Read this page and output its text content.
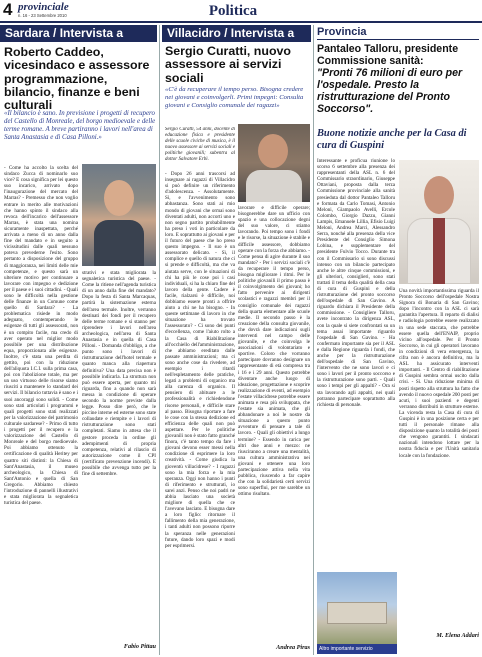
4 provinciale
n. 16 - 23 Settembre 2010	Politica
Sardara / Intervista a
Roberto Caddeo, vicesindaco e assessore programmazione, bilancio, finanze e beni culturali
«Il bilancio è sano. In previsione i progetti di recupero del Castello di Monreale, del borgo medioevale e delle terme romane. A breve partiranno i lavori nell'area di Santa Anastasia e di Casa Pilloni.»
- Come ha accolto la scelta del sindaco Zucca di nominarlo suo vice? E cosa significa per lei questo suo incarico, arrivato dopo l'inaugurazione del mercato del Marras? - Premesso che non voglio entrare in merito alle motivazioni che hanno spinto il sindaco alla revoca dell'incarico dell'assessore Marras, è stata una nomina sicuramente inaspettata, perché arrivata a meno di un anno dalla fine del mandato e in seguito a vicissitudini dalle quali nessuno poteva prevederne l'esito. Sono pertanto a disposizione del gruppo di maggioranza, nei limiti delle mie competenze, e questo sarà un ulteriore motivo per continuare a lavorare con impegno e dedizione per il paese e i suoi cittadini. - Quali sono le difficoltà nella gestione delle finanze in un Comune come quello di Sardara? - La problematica risiede in modo adeguato, contemperando le esigenze di tutti gli assessorati, non è un compito facile, ma credo di aver operato nel miglior modo possibile per una distribuzione equa, proporzionata alle esigenze. Inoltre, c'è stata una perdita di gettito, poi con la riduzione dell'aliquota I.C.I. sulla prima casa, poi con l'abolizione totale, ma per un uso virtuoso delle risorse siamo riusciti a mantenere lo standard dei servizi. Il bilancio tuttavia è sano e i suoi ancoraggi sono solidi. - Come sono stati articolati i programmi e quali progetti sono stati realizzati per la valorizzazione del patrimonio culturale sardarese? - Primo di tutto i progetti per il recupero e la valorizzazione del Castello di Monreale e del borgo medioevale. Poi abbiamo ottenuto la certificazione di qualità Heritey per quattro siti distinti: la Chiesa di Sant'Anastasia, il museo archeologico, la Chiesa di Sant'Antonio e quella di San Gregorio. Abbiamo chiesto l'introduzione di pannelli illustrativi e stata migliorata la segnaletica turistica del paese.
strativi e stata migliorata la segnaletica turistica del paese. - Come la ritiene nell'agenda turistica di un anno dalla fine del mandato? Dopo la festa di Santa Marcaquas, partirà la sistemazione esterna dell'area termale. Inoltre, verranno destinati dei fondi per il recupero delle terme romane e si stanno per riprendere i lavori nell'area archeologica, nell'area di Santa Anastasia e in quella di Casa Pilloni. - Domanda d'obbligo, a che punto sono i lavori di ristrutturazione dell'hotel termale e quanto manca alla riapertura definitiva? Una data precisa non è possibile indicarla. La struttura non può essere aperta, per quanto mi riguarda, fino a quando non sarà messa in condizione di operare secondo la norme previste dalla legge. Posso dire però, che le piccine interne ed esterne sono state collaudate e riempite e i lavori di ristrutturazione sono stati completati. Siamo in attesa che il gestore proceda in ordine gli adempimenti di propria competenza, relativi al rilascio di autorizzazione come il CPI (certificato prevenzione incendi). E possibile che avvenga tutto per la fine di settembre.
Fabio Pittau
Villacidro / Intervista a
Sergio Curatti, nuovo assessore ai servizi sociali
«C'è da recuperare il tempo perso. Bisogna credere nei giovani e coinvolgerli. Primi impegni: Consulta giovani e Consiglio comunale dei ragazzi»
Sergio Curatti, 54 anni, docente di educazione fisica e presidente delle scuole civiche di musica, è il nuovo assessore ai servizi sociali e politiche giovanili; subentra al dottor Salvatore Erbì.
- Dopo 26 anni trascorsi ad insegnare ai ragazzi di Villacidro si può definire un riferimento d'adolescenza. - Assolutamente. Sì, e l'avvenimento sono abbastanza. Sono stati ai mio mondo di giovani che ormai sono diventati adulti, non accorti uno e non segno partito probabilmente ha preso i voti in particolare da loro. E soprattutto ai giovani e per il futuro del paese che ho preso questo impegno. - Il suo è un assessorato delicato. - Sì, il complice e quello di natura che ci si prende e difficoltà, ma che va aiutata serve, con le situazioni di chi ha più le cose poi i casi individuali, si ha la chiaro fine del lavoro della gente. Cadere è facile, rialzarsi è difficile, noi dobbiamo essere pronti a offrire aiuto a chi ne ha bisogno. - In queste settimane di lavoro in che situazione ha trovato l'assessorato? - Ci sono dei punti d'eccellenza, come l'aiuto rolto a la Casa di Riabilitazione all'occhiello dell'amministrazione, che abbiamo ereditato dalle passate amministrazioni; ma ci sono anche cose da rivedere, ad esempio i ritardi nell'espletamento delle pratiche, legati a problemi di organico ma alla carenza di organico. Il pensiero di abituare a le professionalità e richiedendone risorse personali, e difficile stare al passo. Bisogna riportare a fare le cose con la stessa dedizione ed efficienza delle quali non può aspettare. Per le politiche giovanili non è stato fatto granché finora, c'è tanto tempo da fare i giovani devono esser messi nella condizione di esprimere la loro creatività. - Come giudica la gioventù villacidrese? - I ragazzi sono la mia forza e la mia speranza. Oggi non hanno i punti di riferimento e strutturati, io sarei anzi. Penso che noi padri ne abbia lasciato una società migliore di quella che ce l'avevano lasciato. E bisogna dare a loro figlio: ritornare il fallimento della mia generazione, i tanti adulti non possono riporre la speranza nelle generazioni future, dando loro spazi e modi per esprimersi.
lavorare e difficile operare; bisognerebbe dare un ufficio con spazio e una collocazione degni del suo valore, ci stiamo lavorando. Poi tempo sono i fondi e le risorse, la situazione è stabile e difficile assessore, dobbiamo operare con la forza che abbiamo. - Come pensa di agire durante il suo mandato? - Per i servizi sociali c'è da recuperare il tempo perso, bisogna migliorare i ritmi. Per le politiche giovanili il primo passo è il coinvolgimento dei giovani; ho fatto pervenire ai dirigenti scolastici e ragazzi membri per il consiglio comunale dei ragazzi della quarta elementare alle scuole medie. Il secondo passo è la creazione della consulta giovanile, che dovrà dare indicazioni sugli interventi nel campo delle giovanile, e che coinvolga le associazioni di volontariato e sportive. Coloro che vorranno partecipare dovranno designare un rappresentante di età compresa tra i 16 e i 29 anni. Questo potrebbe diventare anche luogo di ideazione, progettazione e scoprire realizzazione di eventi, ad esempio l'estate villacidrese potrebbe essere animata e resa più sviluppata, che l'estate sia animata, che gli abbandonare a noi le nostre da situazione a questo punto avventure di pensare a tale di lavoro. - Quali gli obiettivi a lungo termine? - Essendo in carica per altri due anni e mezzo: ne riusciranno a creare una mentalità, una cultura amministrativa nei giovani e ottenere una loro partecipazione attiva nella vita pubblica, riuscendo a far capire che con la solidarietà certi servizi sono superflui, per me sarebbe un ottimo risultato.
Andrea Piras
Provincia
Pantaleo Talloru, presidente Commissione sanità:
"Pronti 76 milioni di euro per l'ospedale. Presto la ristrutturazione del Pronto Soccorso".
Buone notizie anche per la Casa di cura di Guspini
Interessante e proficua riunione lo scorso 6 settembre alla presenza dei rappresentanti della ASL n. 6 del Commissario straordinario, Giuseppe Ottaviani, proposta dalla terza Commissione provinciale alla sanità presieduta dal dottor Pantaleo Talloru e formata da Carlo Tomasi, Antonio Meloni, Giampaolo Avelli, Ercole Colombo, Giorgio Dazzu, Gianni Lampis, Emanuele Lillia, Efisio Luigi Meloni, Andrea Marci, Alessandro Serra, nonché alla presenza della vice Presidente del Consiglio Simona Lobina, e supplementare del presidente Fulvio Tocco. Durante tra con il Commissario si sono discussi intenso con un bilancio partecipato anche le altre cinque commissioni, e gli ulteriori, consiglieri, sono stati trattati il tema della qualità della casa di cura di Guspini e della ristrutturazione del pronto soccorso dell'ospedale di San Gavino. A riguardo dichiara il Presidente della commissione. - Consigliere Talloru, avete incontrato la dirigenza ASL, con la quale si siete confrontati su un tema assai importante riguardo l'ospedale di San Gavino. - Ha confermato importante sia per il ASL e dalla Regione riguarda i fondi, che anche per la ristrutturazione dell'ospedale di San Gavino, l'intervento che ne sono lavori e ci sono i lavori per il pronto soccorso e la ristrutturazione sono parti. - Quali sono i tempi per gli appalti? - Ora si sta lavorando agli appalti, nei quali potranno partecipare soprattutto alla richiesta di personale.
Una novità importantissima riguarda il Pronto Soccorso dell'ospedale Nostra Signora di Bonaria di San Gavino; dopo l'incontro con la ASL ci sarà garantita l'apertura. Il reparto di dialisi e radiologia potrebbe essere realizzato in una sede staccata, che potrebbe essere quella dell'ENAIP, proprio vicino all'ospedale. Per il Pronto Soccorso, in cui gli operatori lavorano in condizioni di vera emergenza, la cifra non è ancora definitiva, ma la ASL ha assicurato interventi importanti. - Il Centro di riabilitazione di Guspini sembra ormai uscito dalla crisi. - Sì. Una riduzione minima di posti rispetto alla struttura ha fatto che avendo il nuovo ospedale 200 posti per acuti, i suoi pazienti e degenti verranno distribuiti in strutture esterne. La vicenda resta la Casa di cura di Guspini è in una posizione certa e per tutti il personale rimane alla disposizione quanto la totalità dei posti che vengono garantiti. I sindacati nazionali intendono lottare per la nostra fiducia e per l'Unità sanitaria locale con la fondazione.
M. Elena Addari
Altro importante servizio
